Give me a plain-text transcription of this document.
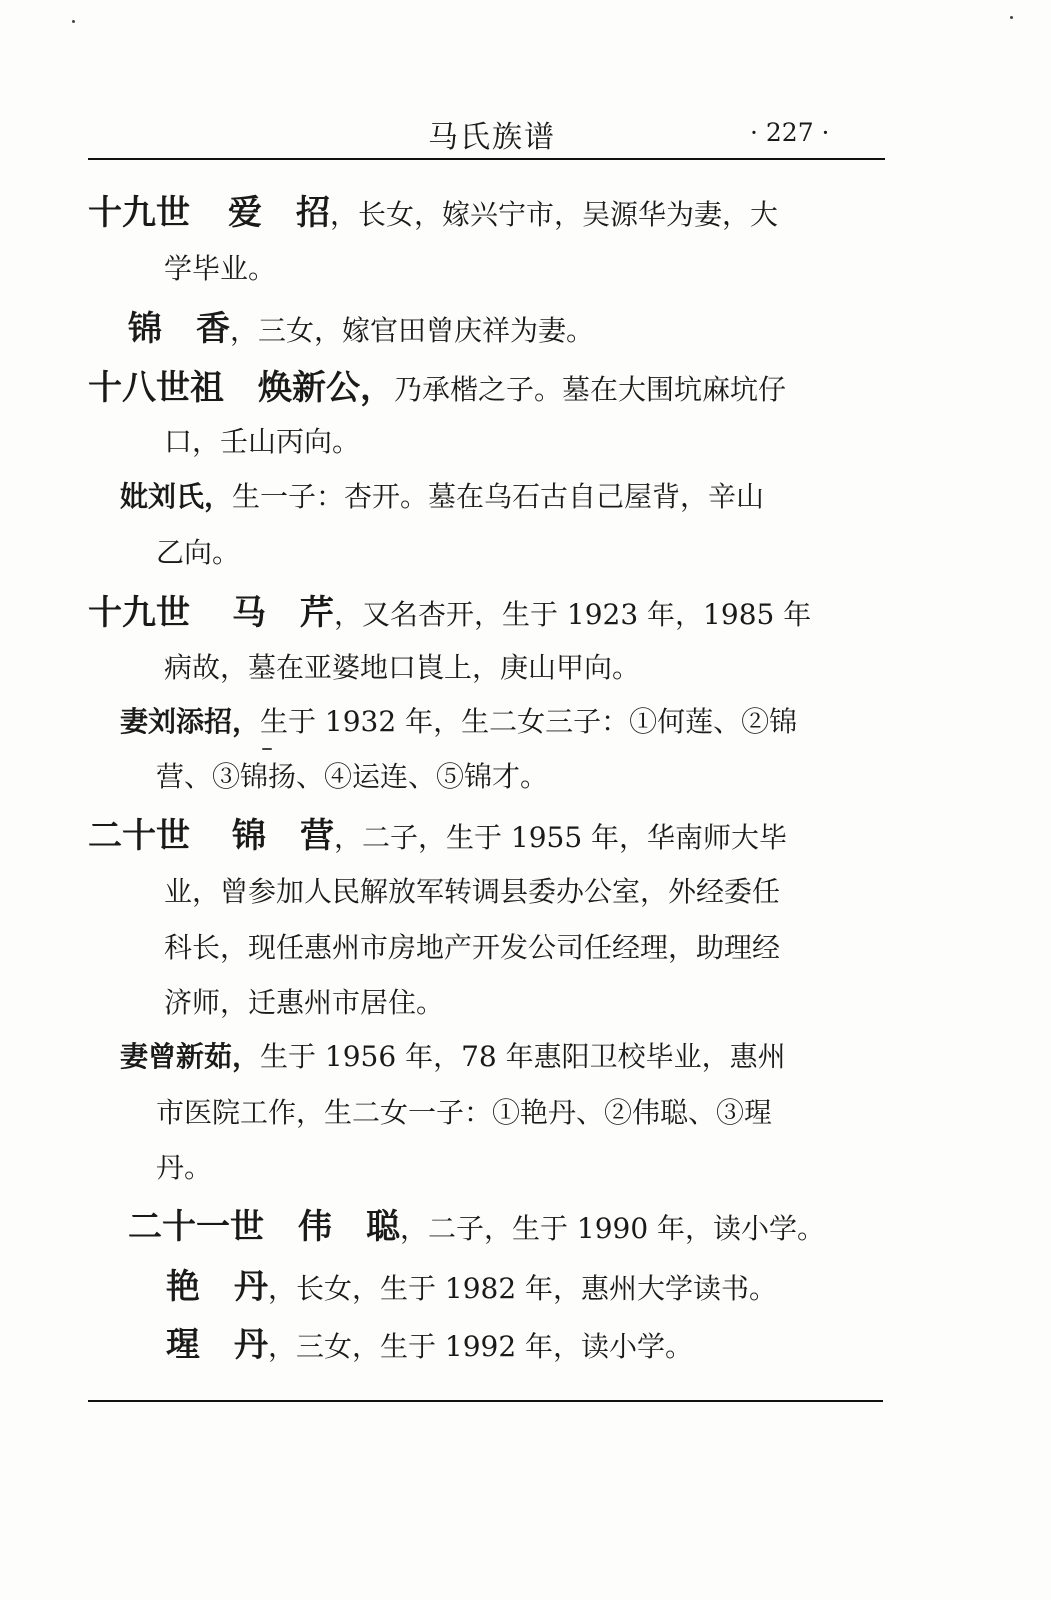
马氏族谱	· 227 ·
十九世 爱　招，长女，嫁兴宁市，吴源华为妻，大
学毕业。
锦　香，三女，嫁官田曾庆祥为妻。
十八世祖 焕新公，乃承楷之子。墓在大围坑麻坑仔
口，壬山丙向。
妣刘氏，生一子：杏开。墓在乌石古自己屋背，辛山
乙向。
十九世 马　芹，又名杏开，生于 1923 年，1985 年
病故，墓在亚婆地口崀上，庚山甲向。
妻刘添招，生于 1932 年，生二女三子：①何莲、②锦
营、③锦扬、④运连、⑤锦才。
二十世 锦　营，二子，生于 1955 年，华南师大毕
业，曾参加人民解放军转调县委办公室，外经委任
科长，现任惠州市房地产开发公司任经理，助理经
济师，迁惠州市居住。
妻曾新茹，生于 1956 年，78 年惠阳卫校毕业，惠州
市医院工作，生二女一子：①艳丹、②伟聪、③瑆
丹。
二十一世 伟　聪，二子，生于 1990 年，读小学。
艳　丹，长女，生于 1982 年，惠州大学读书。
瑆　丹，三女，生于 1992 年，读小学。
